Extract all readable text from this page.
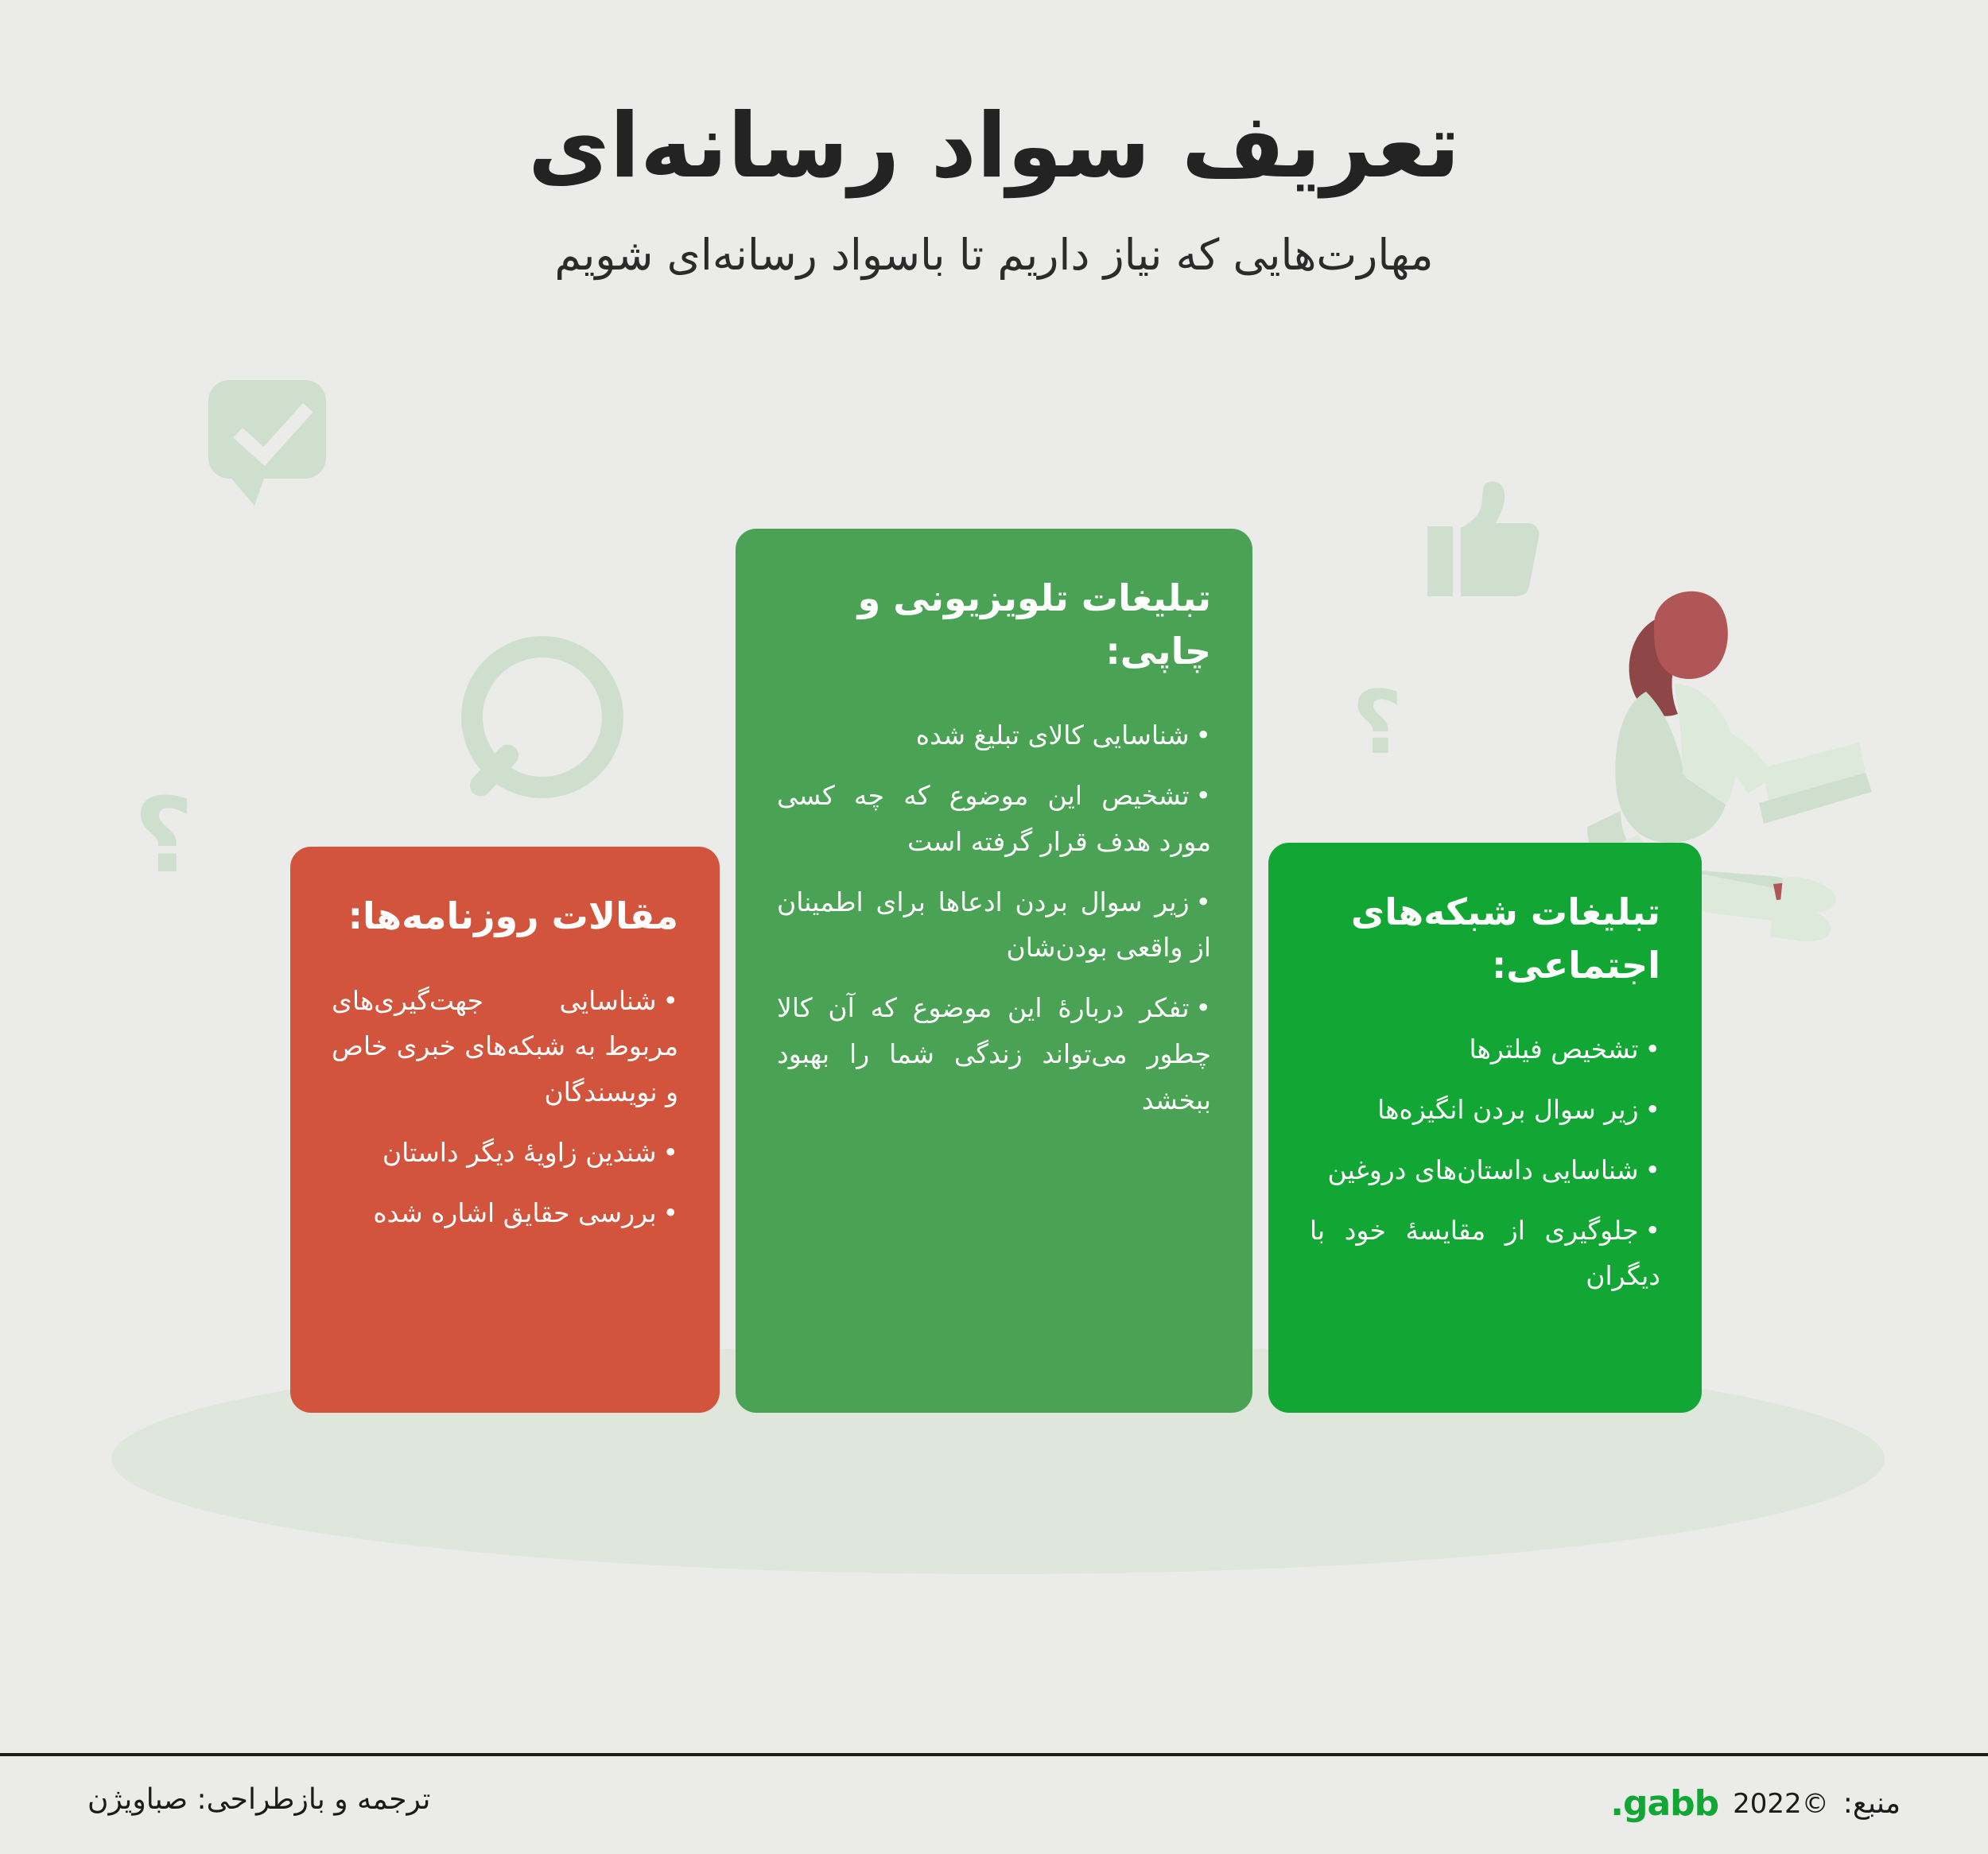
تعریف سواد رسانه‌ای

مهارت‌هایی که نیاز داریم تا باسواد رسانه‌ای شویم

؟
؟
مقالات روزنامه‌ها:
• شناسایی جهت‌گیری‌های مربوط به شبکه‌های خبری خاص و نویسندگان
• شندین زاویهٔ دیگر داستان
• بررسی حقایق اشاره شده
تبلیغات تلویزیونی و چاپی:
• شناسایی کالای تبلیغ شده
• تشخیص این موضوع که چه کسی مورد هدف قرار گرفته است
• زیر سوال بردن ادعاها برای اطمینان از واقعی بودن‌شان
• تفکر دربارهٔ این موضوع که آن کالا چطور می‌تواند زندگی شما را بهبود ببخشد
تبلیغات شبکه‌های اجتماعی:
• تشخیص فیلترها
• زیر سوال بردن انگیزه‌ها
• شناسایی داستان‌های دروغین
• جلوگیری از مقایسهٔ خود با دیگران
منبع:
©2022
gabb.
ترجمه و بازطراحی: صباویژن
